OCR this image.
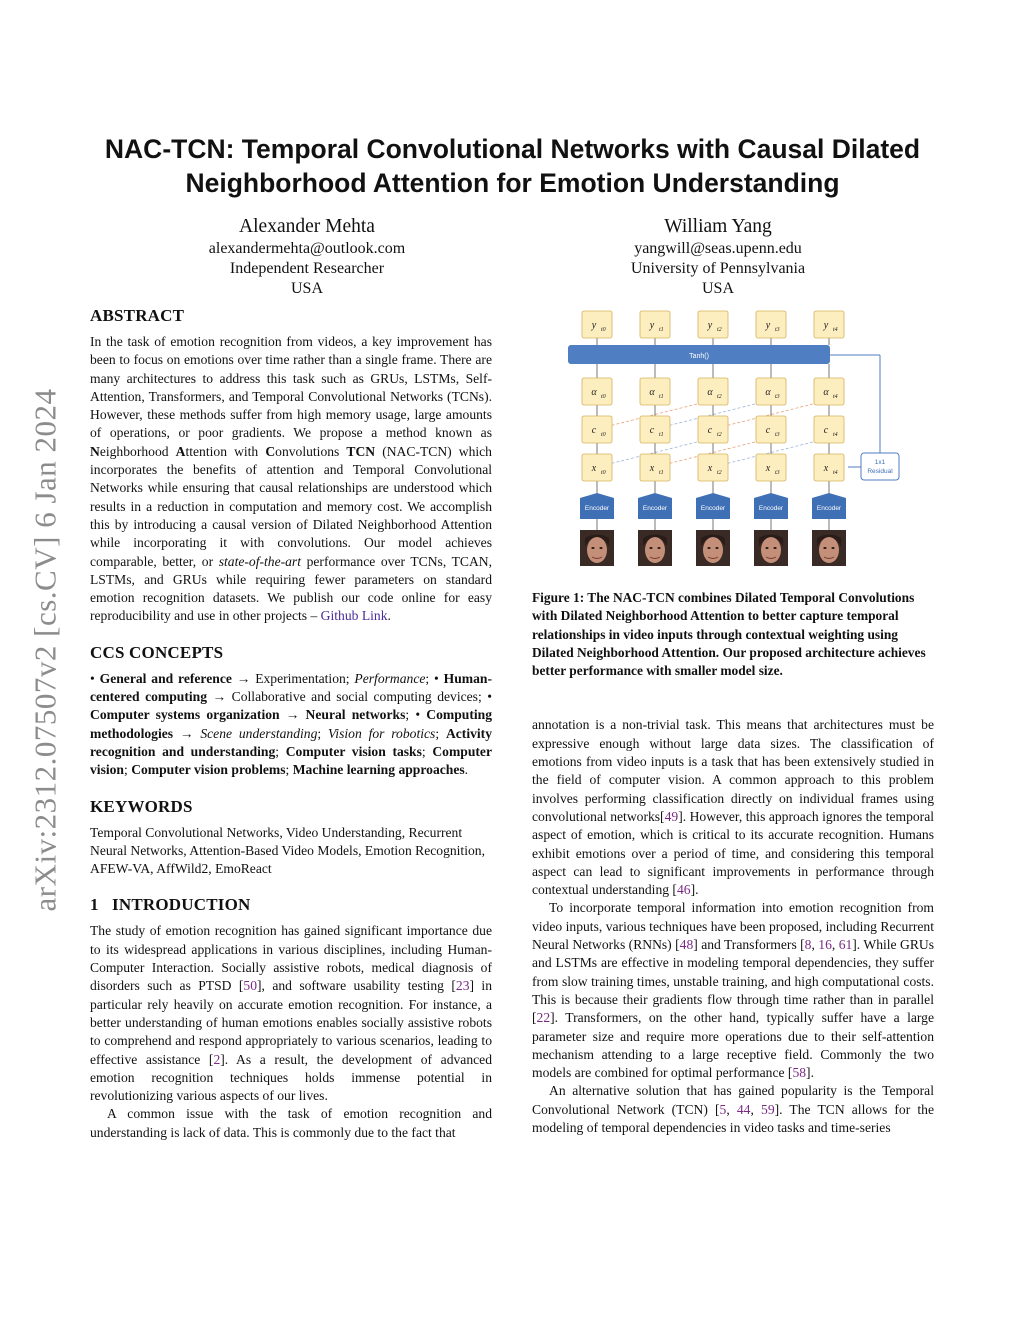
arXiv:2312.07507v2 [cs.CV] 6 Jan 2024
NAC-TCN: Temporal Convolutional Networks with Causal Dilated Neighborhood Attention for Emotion Understanding
Alexander Mehta
alexandermehta@outlook.com
Independent Researcher
USA
William Yang
yangwill@seas.upenn.edu
University of Pennsylvania
USA
ABSTRACT

In the task of emotion recognition from videos, a key improvement has been to focus on emotions over time rather than a single frame. There are many architectures to address this task such as GRUs, LSTMs, Self-Attention, Transformers, and Temporal Convolutional Networks (TCNs). However, these methods suffer from high memory usage, large amounts of operations, or poor gradients. We propose a method known as Neighborhood Attention with Convolutions TCN (NAC-TCN) which incorporates the benefits of attention and Temporal Convolutional Networks while ensuring that causal relationships are understood which results in a reduction in computation and memory cost. We accomplish this by introducing a causal version of Dilated Neighborhood Attention while incorporating it with convolutions. Our model achieves comparable, better, or state-of-the-art performance over TCNs, TCAN, LSTMs, and GRUs while requiring fewer parameters on standard emotion recognition datasets. We publish our code online for easy reproducibility and use in other projects – Github Link.

CCS CONCEPTS

• General and reference → Experimentation; Performance; • Human-centered computing → Collaborative and social computing devices; • Computer systems organization → Neural networks; • Computing methodologies → Scene understanding; Vision for robotics; Activity recognition and understanding; Computer vision tasks; Computer vision; Computer vision problems; Machine learning approaches.

KEYWORDS

Temporal Convolutional Networks, Video Understanding, Recurrent Neural Networks, Attention-Based Video Models, Emotion Recognition, AFEW-VA, AffWild2, EmoReact

1   INTRODUCTION

The study of emotion recognition has gained significant importance due to its widespread applications in various disciplines, including Human-Computer Interaction. Socially assistive robots, medical diagnosis of disorders such as PTSD [50], and software usability testing [23] in particular rely heavily on accurate emotion recognition. For instance, a better understanding of human emotions enables socially assistive robots to comprehend and respond appropriately to various scenarios, leading to effective assistance [2]. As a result, the development of advanced emotion recognition techniques holds immense potential in revolutionizing various aspects of our lives.

A common issue with the task of emotion recognition and understanding is lack of data. This is commonly due to the fact that

Tanh()
1x1
Residual
y t0	y t1	y t2	y t3	y t4
α t0	α t1	α t2	α t3	α t4
c t0	c t1	c t2	c t3	c t4
x t0	x t1	x t2	x t3	x t4
Encoder	Encoder	Encoder	Encoder	Encoder

Figure 1: The NAC-TCN combines Dilated Temporal Convolutions with Dilated Neighborhood Attention to better capture temporal relationships in video inputs through contextual weighting using Dilated Neighborhood Attention. Our proposed architecture achieves better performance with smaller model size.

annotation is a non-trivial task. This means that architectures must be expressive enough without large data sizes. The classification of emotions from video inputs is a task that has been extensively studied in the field of computer vision. A common approach to this problem involves performing classification directly on individual frames using convolutional networks[49]. However, this approach ignores the temporal aspect of emotion, which is critical to its accurate recognition. Humans exhibit emotions over a period of time, and considering this temporal aspect can lead to significant improvements in performance through contextual understanding [46].

To incorporate temporal information into emotion recognition from video inputs, various techniques have been proposed, including Recurrent Neural Networks (RNNs) [48] and Transformers [8, 16, 61]. While GRUs and LSTMs are effective in modeling temporal dependencies, they suffer from slow training times, unstable training, and high computational costs. This is because their gradients flow through time rather than in parallel [22]. Transformers, on the other hand, typically suffer have a large parameter size and require more operations due to their self-attention mechanism attending to a large receptive field. Commonly the two models are combined for optimal performance [58].

An alternative solution that has gained popularity is the Temporal Convolutional Network (TCN) [5, 44, 59]. The TCN allows for the modeling of temporal dependencies in video tasks and time-series
